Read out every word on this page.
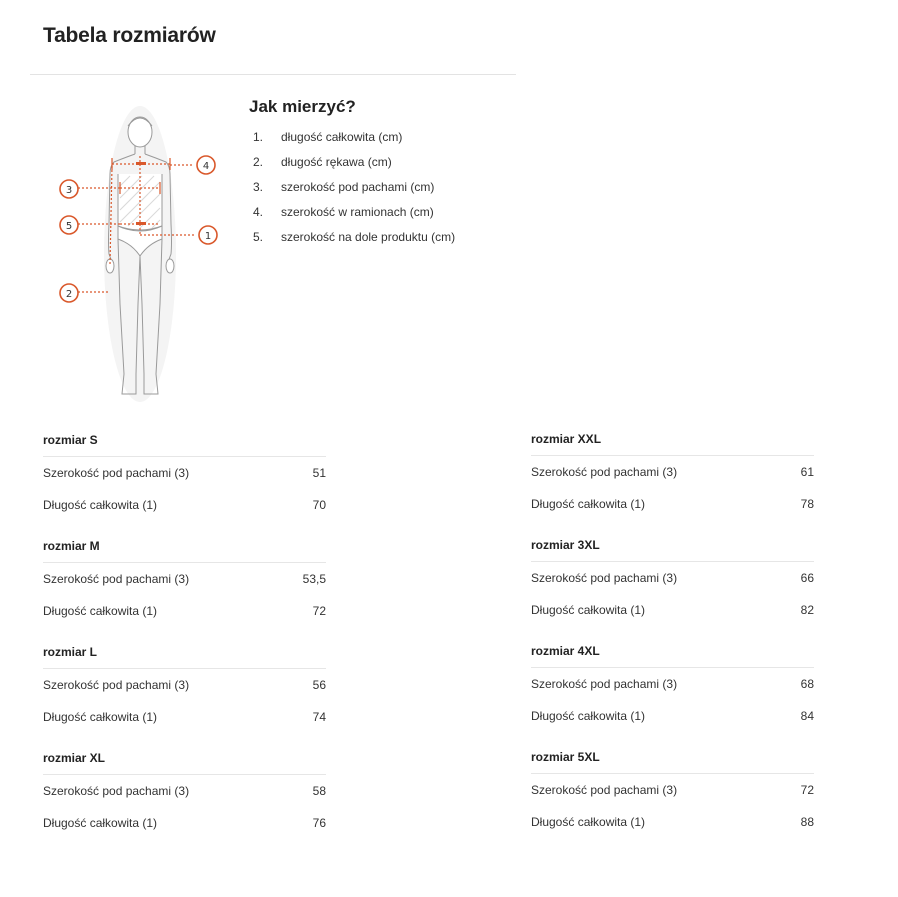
Tabela rozmiarów
4
3
5
1
2
Jak mierzyć?
1. długość całkowita (cm)
2. długość rękawa (cm)
3. szerokość pod pachami (cm)
4. szerokość w ramionach (cm)
5. szerokość na dole produktu (cm)
rozmiar S
Szerokość pod pachami (3)	51
Długość całkowita (1)	70
rozmiar M
Szerokość pod pachami (3)	53,5
Długość całkowita (1)	72
rozmiar L
Szerokość pod pachami (3)	56
Długość całkowita (1)	74
rozmiar XL
Szerokość pod pachami (3)	58
Długość całkowita (1)	76
rozmiar XXL
Szerokość pod pachami (3)	61
Długość całkowita (1)	78
rozmiar 3XL
Szerokość pod pachami (3)	66
Długość całkowita (1)	82
rozmiar 4XL
Szerokość pod pachami (3)	68
Długość całkowita (1)	84
rozmiar 5XL
Szerokość pod pachami (3)	72
Długość całkowita (1)	88
